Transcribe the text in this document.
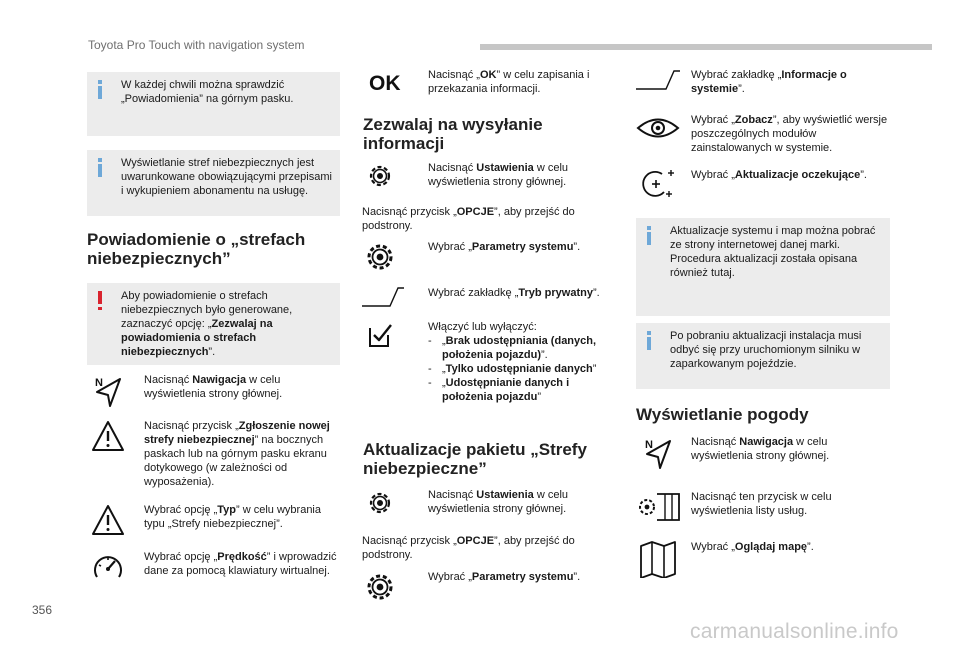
Toyota Pro Touch with navigation system
W każdej chwili można sprawdzić „Powiadomienia” na górnym pasku.
Wyświetlanie stref niebezpiecznych jest uwarunkowane obowiązującymi przepisami i wykupieniem abonamentu na usługę.
Powiadomienie o „strefach niebezpiecznych”
Aby powiadomienie o strefach niebezpiecznych było generowane, zaznaczyć opcję: „Zezwalaj na powiadomienia o strefach niebezpiecznych”.
N	Nacisnąć Nawigacja w celu wyświetlenia strony głównej.
Nacisnąć przycisk „Zgłoszenie nowej strefy niebezpiecznej” na bocznych paskach lub na górnym pasku ekranu dotykowego (w zależności od wyposażenia).
Wybrać opcję „Typ” w celu wybrania typu „Strefy niebezpiecznej”.
Wybrać opcję „Prędkość” i wprowadzić dane za pomocą klawiatury wirtualnej.
OK	Nacisnąć „OK” w celu zapisania i przekazania informacji.
Zezwalaj na wysyłanie informacji
Nacisnąć Ustawienia w celu wyświetlenia strony głównej.
Nacisnąć przycisk „OPCJE”, aby przejść do podstrony.
Wybrać „Parametry systemu”.
Wybrać zakładkę „Tryb prywatny”.
Włączyć lub wyłączyć:
- „Brak udostępniania (danych, położenia pojazdu)”.
- „Tylko udostępnianie danych”
- „Udostępnianie danych i położenia pojazdu”
Aktualizacje pakietu „Strefy niebezpieczne”
Nacisnąć Ustawienia w celu wyświetlenia strony głównej.
Nacisnąć przycisk „OPCJE”, aby przejść do podstrony.
Wybrać „Parametry systemu”.
Wybrać zakładkę „Informacje o systemie”.
Wybrać „Zobacz”, aby wyświetlić wersje poszczególnych modułów zainstalowanych w systemie.
Wybrać „Aktualizacje oczekujące”.
Aktualizacje systemu i map można pobrać ze strony internetowej danej marki. Procedura aktualizacji została opisana również tutaj.
Po pobraniu aktualizacji instalacja musi odbyć się przy uruchomionym silniku w zaparkowanym pojeździe.
Wyświetlanie pogody
N	Nacisnąć Nawigacja w celu wyświetlenia strony głównej.
Nacisnąć ten przycisk w celu wyświetlenia listy usług.
Wybrać „Oglądaj mapę”.
356
carmanualsonline.info
